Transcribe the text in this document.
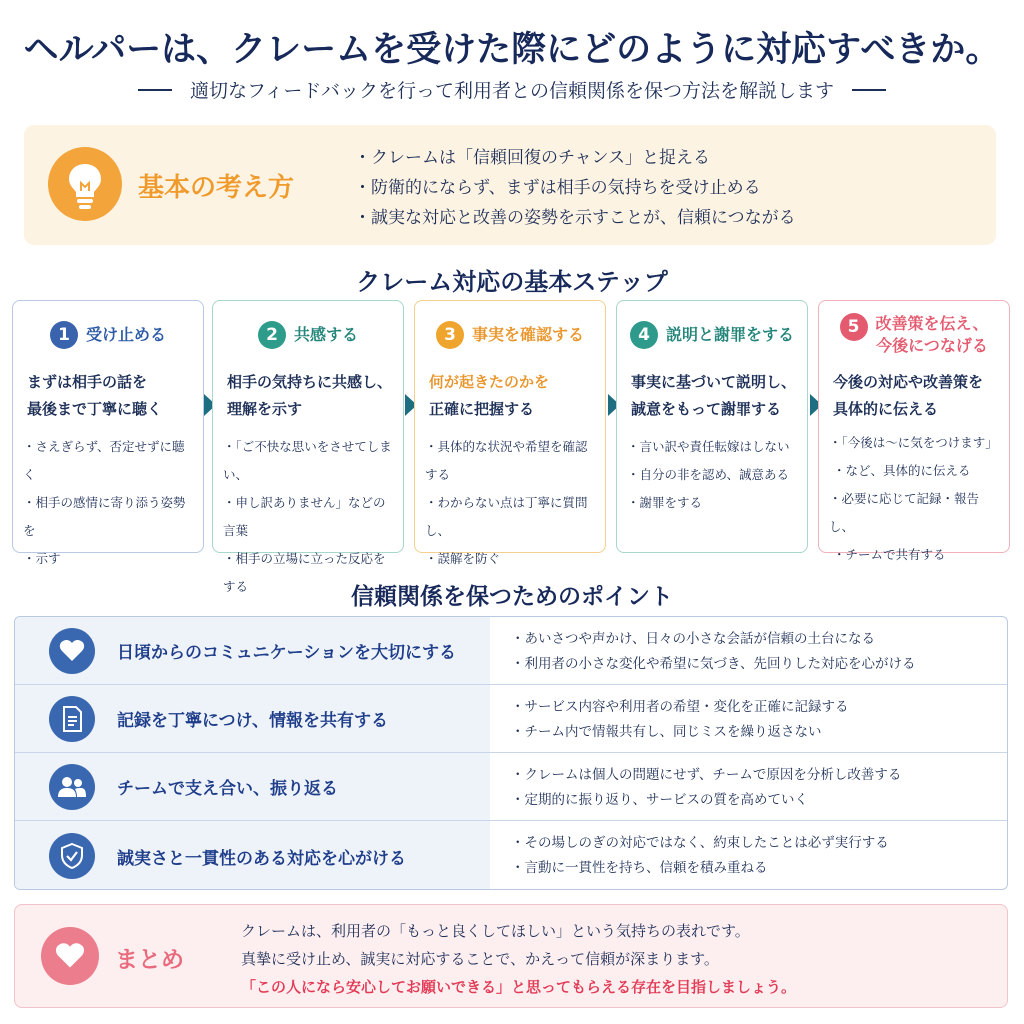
ヘルパーは、クレームを受けた際にどのように対応すべきか。
適切なフィードバックを行って利用者との信頼関係を保つ方法を解説します
基本の考え方
・ クレームは「信頼回復のチャンス」と捉える
・ 防衛的にならず、まずは相手の気持ちを受け止める
・ 誠実な対応と改善の姿勢を示すことが、信頼につながる
クレーム対応の基本ステップ
1	受け止める
まずは相手の話を
最後まで丁寧に聴く
・ さえぎらず、否定せずに聴く
・ 相手の感情に寄り添う姿勢を
・ 示す
2	共感する
相手の気持ちに共感し、
理解を示す
・ 「ご不快な思いをさせてしまい、
・ 申し訳ありません」などの言葉
・ 相手の立場に立った反応をする
3	事実を確認する
何が起きたのかを
正確に把握する
・ 具体的な状況や希望を確認する
・ わからない点は丁寧に質問し、
・ 誤解を防ぐ
4	説明と謝罪をする
事実に基づいて説明し、
誠意をもって謝罪する
・ 言い訳や責任転嫁はしない
・ 自分の非を認め、誠意ある
・ 謝罪をする
5	改善策を伝え、
今後につなげる
今後の対応や改善策を
具体的に伝える
・ 「今後は〜に気をつけます」
・ など、具体的に伝える
・ 必要に応じて記録・報告し、
・ チームで共有する
信頼関係を保つためのポイント
日頃からのコミュニケーションを大切にする
・ あいさつや声かけ、日々の小さな会話が信頼の土台になる
・ 利用者の小さな変化や希望に気づき、先回りした対応を心がける
記録を丁寧につけ、情報を共有する
・ サービス内容や利用者の希望・変化を正確に記録する
・ チーム内で情報共有し、同じミスを繰り返さない
チームで支え合い、振り返る
・ クレームは個人の問題にせず、チームで原因を分析し改善する
・ 定期的に振り返り、サービスの質を高めていく
誠実さと一貫性のある対応を心がける
・ その場しのぎの対応ではなく、約束したことは必ず実行する
・ 言動に一貫性を持ち、信頼を積み重ねる
まとめ
クレームは、利用者の「もっと良くしてほしい」という気持ちの表れです。
真摯に受け止め、誠実に対応することで、かえって信頼が深まります。
「この人になら安心してお願いできる」と思ってもらえる存在を目指しましょう。
